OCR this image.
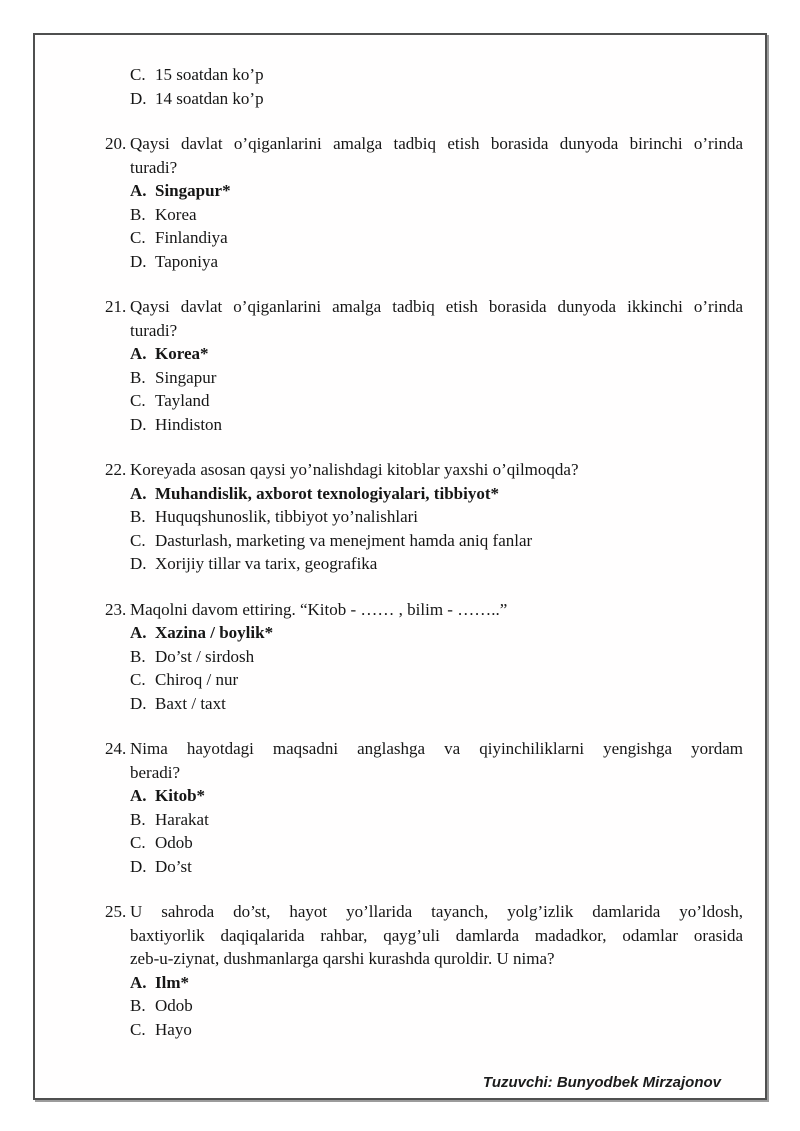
C. 15 soatdan ko’p
D. 14 soatdan ko’p
20. Qaysi davlat o’qiganlarini amalga tadbiq etish borasida dunyoda birinchi o’rinda
turadi?
A. Singapur*
B. Korea
C. Finlandiya
D. Taponiya
21. Qaysi davlat o’qiganlarini amalga tadbiq etish borasida dunyoda ikkinchi o’rinda
turadi?
A. Korea*
B. Singapur
C. Tayland
D. Hindiston
22. Koreyada asosan qaysi yo’nalishdagi kitoblar yaxshi o’qilmoqda?
A. Muhandislik, axborot texnologiyalari, tibbiyot*
B. Huquqshunoslik, tibbiyot yo’nalishlari
C. Dasturlash, marketing va menejment hamda aniq fanlar
D. Xorijiy tillar va tarix, geografika
23. Maqolni davom ettiring. “Kitob - …… , bilim - ……..”
A. Xazina / boylik*
B. Do’st / sirdosh
C. Chiroq / nur
D. Baxt / taxt
24. Nima hayotdagi maqsadni anglashga va qiyinchiliklarni yengishga yordam
beradi?
A. Kitob*
B. Harakat
C. Odob
D. Do’st
25. U sahroda do’st, hayot yo’llarida tayanch, yolg’izlik damlarida yo’ldosh,
baxtiyorlik daqiqalarida rahbar, qayg’uli damlarda madadkor, odamlar orasida
zeb-u-ziynat, dushmanlarga qarshi kurashda quroldir. U nima?
A. Ilm*
B. Odob
C. Hayo
Tuzuvchi: Bunyodbek Mirzajonov
